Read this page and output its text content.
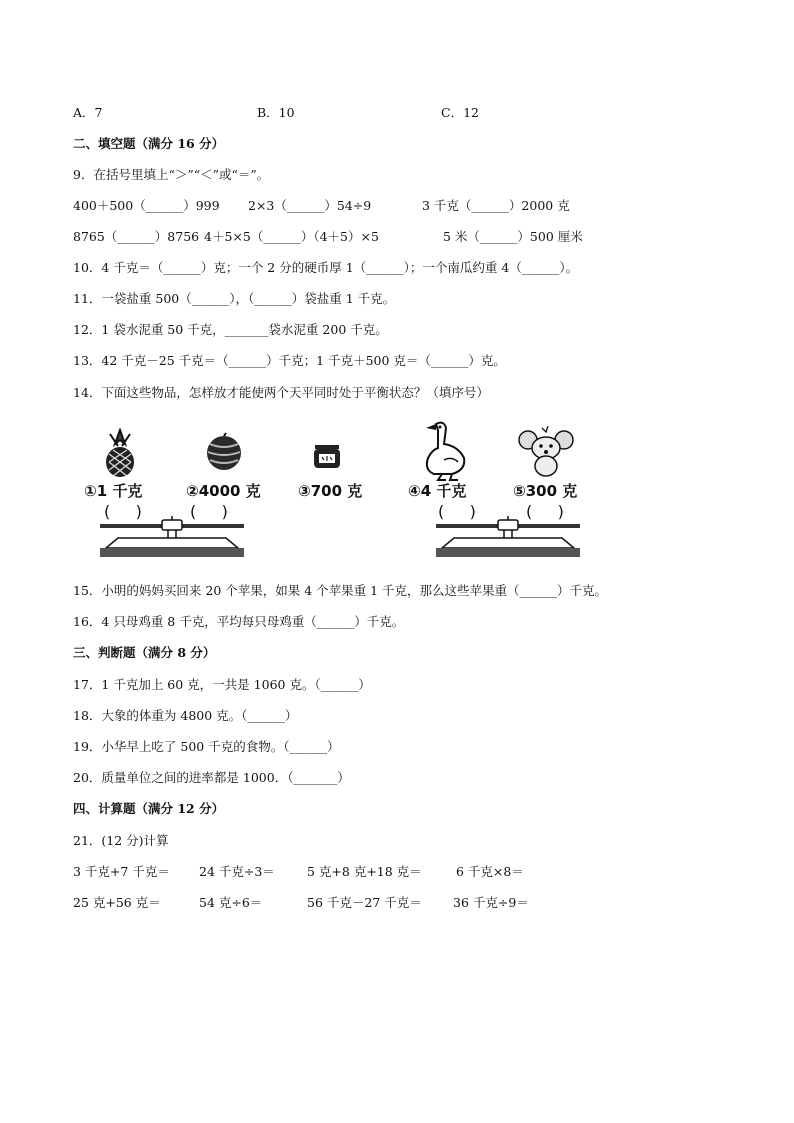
A．7	B．10	C．12
二、填空题（满分 16 分）
9．在括号里填上“＞”“＜”或“＝”。
400＋500（______）999 2×3（______）54÷9	3 千克（______）2000 克
8765（______）8756 4＋5×5（______）（4＋5）×5	5 米（______）500 厘米
10．4 千克＝（______）克；一个 2 分的硬币厚 1（______）；一个南瓜约重 4（______）。
11．一袋盐重 500（______），（______）袋盐重 1 千克。
12．1 袋水泥重 50 千克，_______袋水泥重 200 千克。
13．42 千克－25 千克＝（______）千克；1 千克＋500 克＝（______）克。
14．下面这些物品，怎样放才能使两个天平同时处于平衡状态？（填序号）
①1 千克	②4000 克 ③700 克	④4 千克	⑤300 克
(     )	(     )	(     )	(     )
15．小明的妈妈买回来 20 个苹果，如果 4 个苹果重 1 千克，那么这些苹果重（______）千克。
16．4 只母鸡重 8 千克，平均每只母鸡重（______）千克。
三、判断题（满分 8 分）
17．1 千克加上 60 克，一共是 1060 克。（______）
18．大象的体重为 4800 克。（______）
19．小华早上吃了 500 千克的食物。（______）
20．质量单位之间的进率都是 1000．（_______）
四、计算题（满分 12 分）
21．(12 分)计算
3 千克+7 千克＝ 24 千克÷3＝	5 克+8 克+18 克＝	6 千克×8＝
25 克+56 克＝	54 克÷6＝	56 千克－27 千克＝ 36 千克÷9＝
